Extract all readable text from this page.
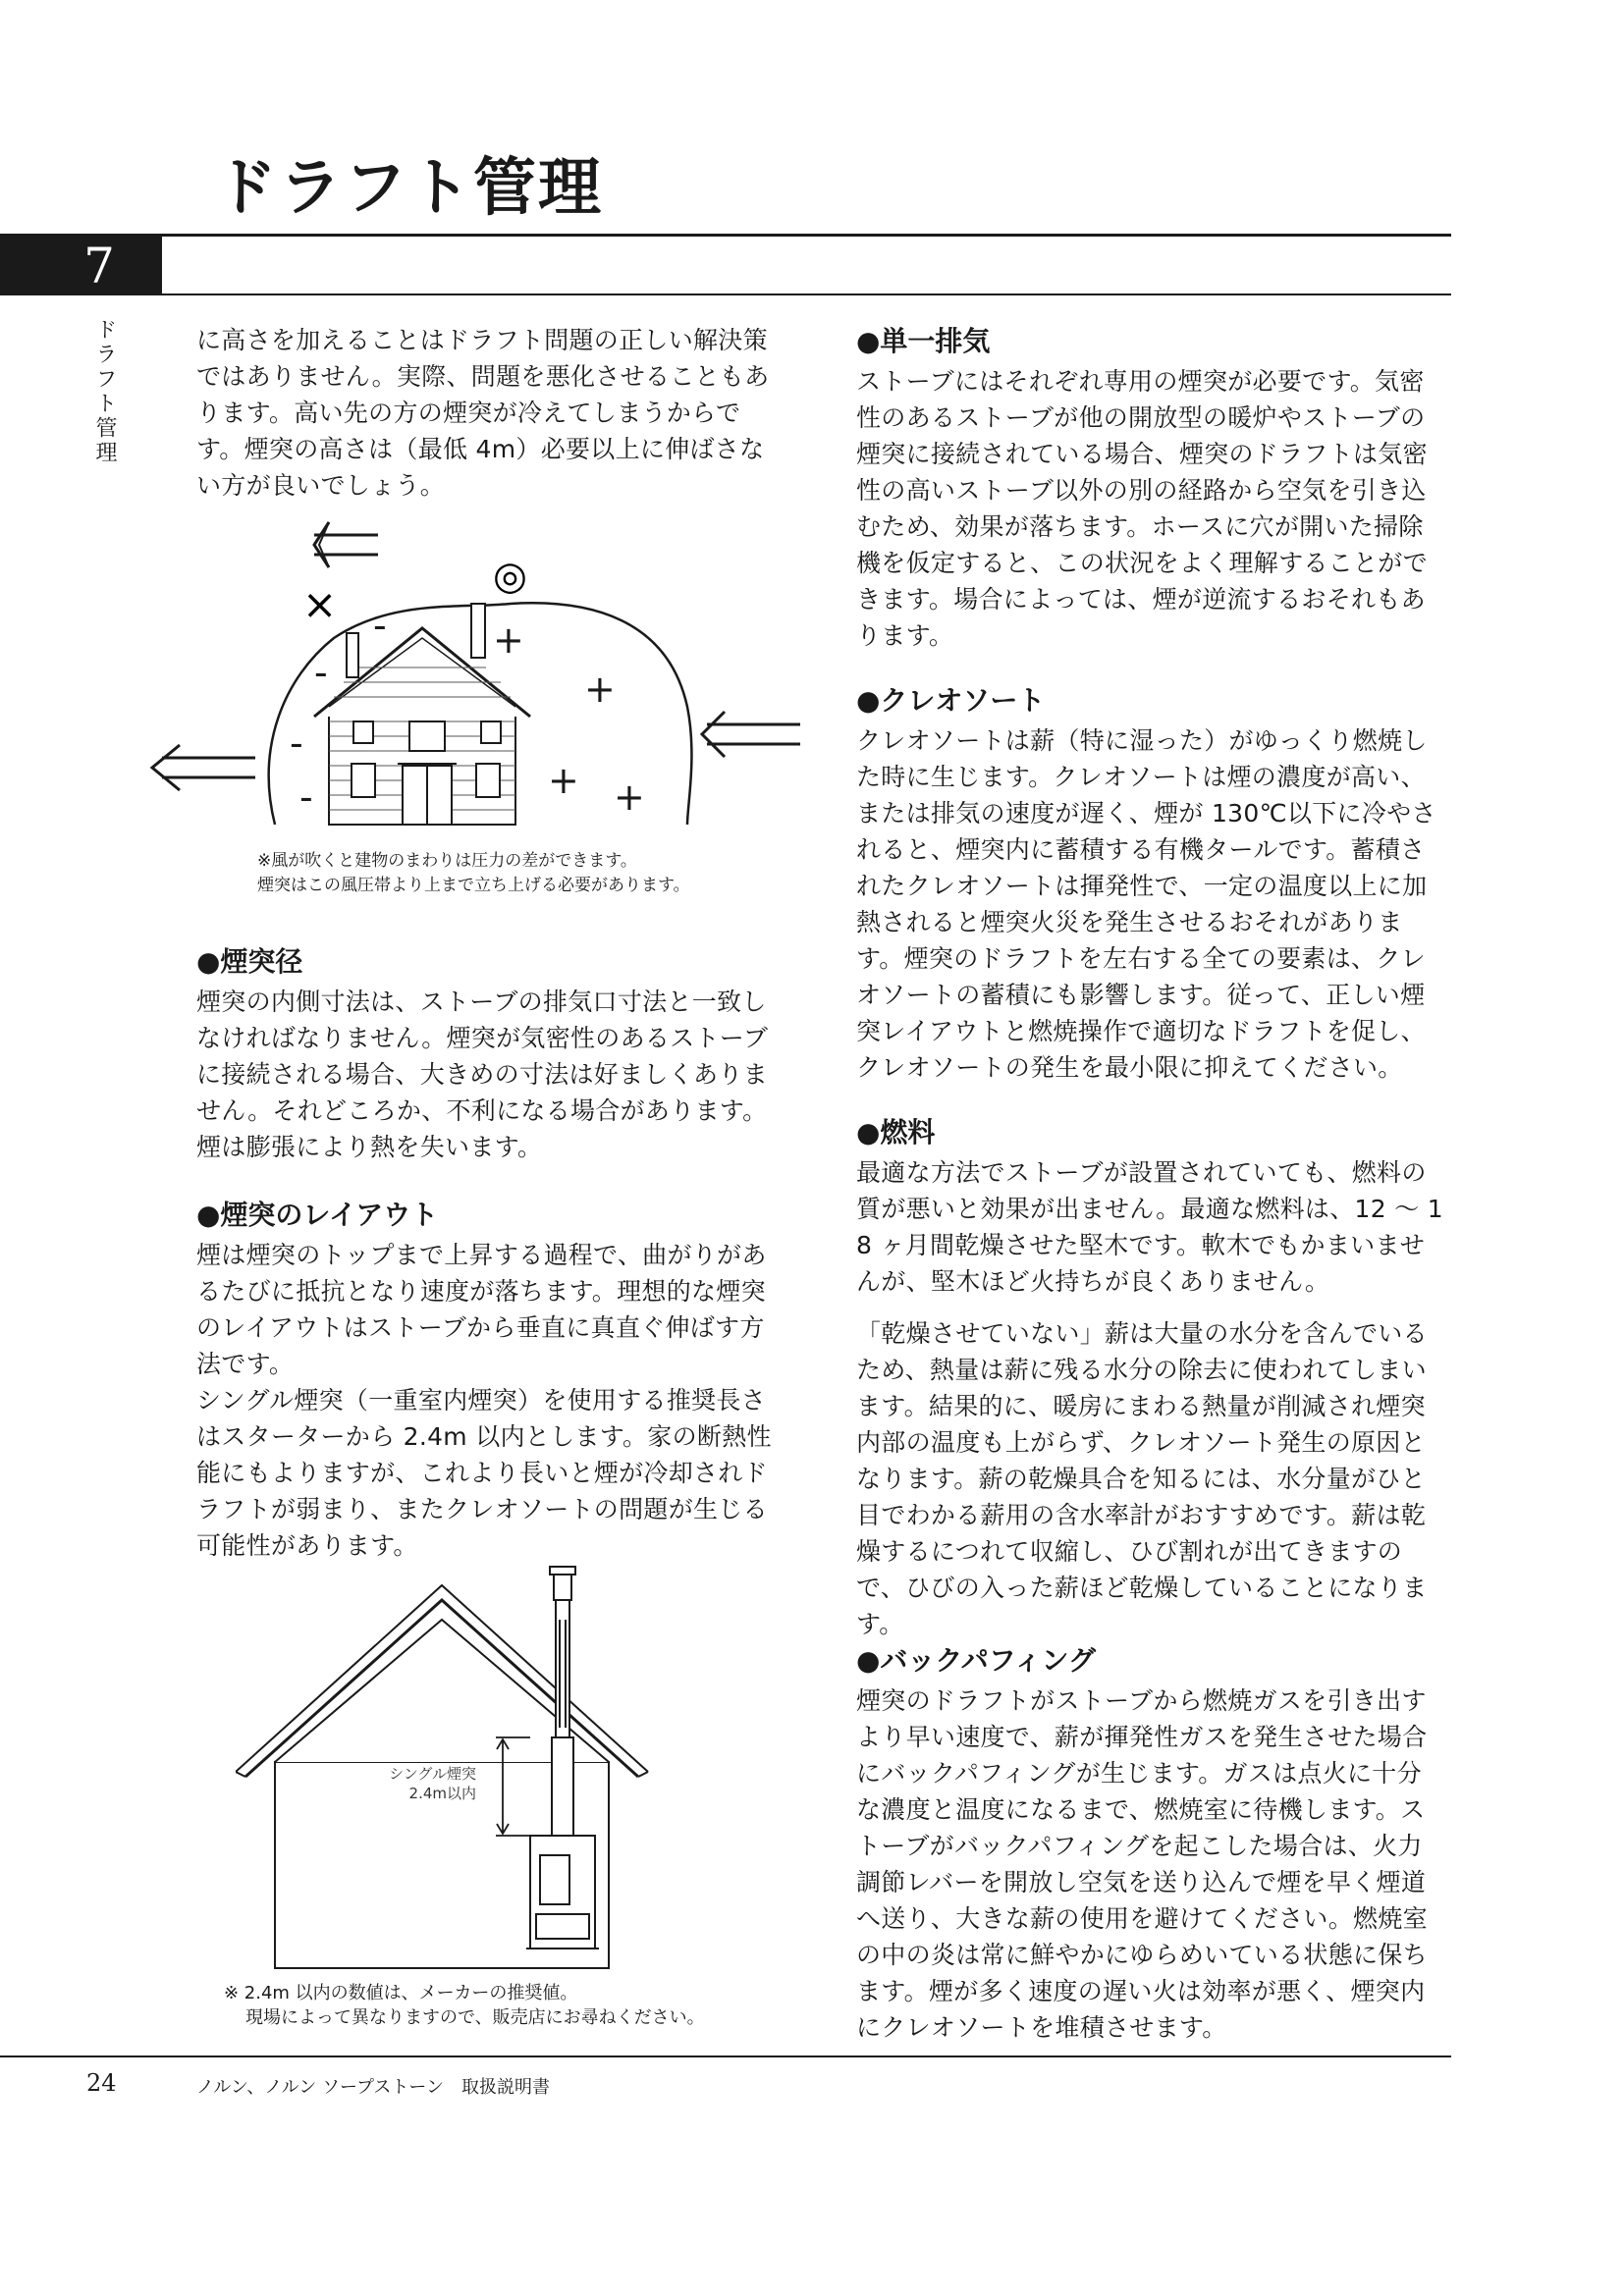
ドラフト管理
7
ドラフト管理	に高さを加えることはドラフト問題の正しい解決策ではありません。実際、問題を悪化させることもあります。高い先の方の煙突が冷えてしまうからです。煙突の高さは（最低 4m）必要以上に伸ばさない方が良いでしょう。

×
◎
+
+
+ +
-
-
-
-
※風が吹くと建物のまわりは圧力の差ができます。
煙突はこの風圧帯より上まで立ち上げる必要があります。
●煙突径

煙突の内側寸法は、ストーブの排気口寸法と一致しなければなりません。煙突が気密性のあるストーブに接続される場合、大きめの寸法は好ましくありません。それどころか、不利になる場合があります。煙は膨張により熱を失います。

●煙突のレイアウト

煙は煙突のトップまで上昇する過程で、曲がりがあるたびに抵抗となり速度が落ちます。理想的な煙突のレイアウトはストーブから垂直に真直ぐ伸ばす方法です。

シングル煙突（一重室内煙突）を使用する推奨長さはスターターから 2.4m 以内とします。家の断熱性能にもよりますが、これより長いと煙が冷却されドラフトが弱まり、またクレオソートの問題が生じる可能性があります。

シングル煙突
2.4m以内
※ 2.4m 以内の数値は、メーカーの推奨値。
現場によって異なりますので、販売店にお尋ねください。
●単一排気

ストーブにはそれぞれ専用の煙突が必要です。気密性のあるストーブが他の開放型の暖炉やストーブの煙突に接続されている場合、煙突のドラフトは気密性の高いストーブ以外の別の経路から空気を引き込むため、効果が落ちます。ホースに穴が開いた掃除機を仮定すると、この状況をよく理解することができます。場合によっては、煙が逆流するおそれもあります。

●クレオソート

クレオソートは薪（特に湿った）がゆっくり燃焼した時に生じます。クレオソートは煙の濃度が高い、または排気の速度が遅く、煙が 130℃以下に冷やされると、煙突内に蓄積する有機タールです。蓄積されたクレオソートは揮発性で、一定の温度以上に加熱されると煙突火災を発生させるおそれがあります。煙突のドラフトを左右する全ての要素は、クレオソートの蓄積にも影響します。従って、正しい煙突レイアウトと燃焼操作で適切なドラフトを促し、クレオソートの発生を最小限に抑えてください。

●燃料

最適な方法でストーブが設置されていても、燃料の質が悪いと効果が出ません。最適な燃料は、12 ～ 18 ヶ月間乾燥させた堅木です。軟木でもかまいませんが、堅木ほど火持ちが良くありません。

「乾燥させていない」薪は大量の水分を含んでいるため、熱量は薪に残る水分の除去に使われてしまいます。結果的に、暖房にまわる熱量が削減され煙突内部の温度も上がらず、クレオソート発生の原因となります。薪の乾燥具合を知るには、水分量がひと目でわかる薪用の含水率計がおすすめです。薪は乾燥するにつれて収縮し、ひび割れが出てきますので、ひびの入った薪ほど乾燥していることになります。

●バックパフィング

煙突のドラフトがストーブから燃焼ガスを引き出すより早い速度で、薪が揮発性ガスを発生させた場合にバックパフィングが生じます。ガスは点火に十分な濃度と温度になるまで、燃焼室に待機します。ストーブがバックパフィングを起こした場合は、火力調節レバーを開放し空気を送り込んで煙を早く煙道へ送り、大きな薪の使用を避けてください。燃焼室の中の炎は常に鮮やかにゆらめいている状態に保ちます。煙が多く速度の遅い火は効率が悪く、煙突内にクレオソートを堆積させます。

24	ノルン、ノルン ソープストーン　取扱説明書
